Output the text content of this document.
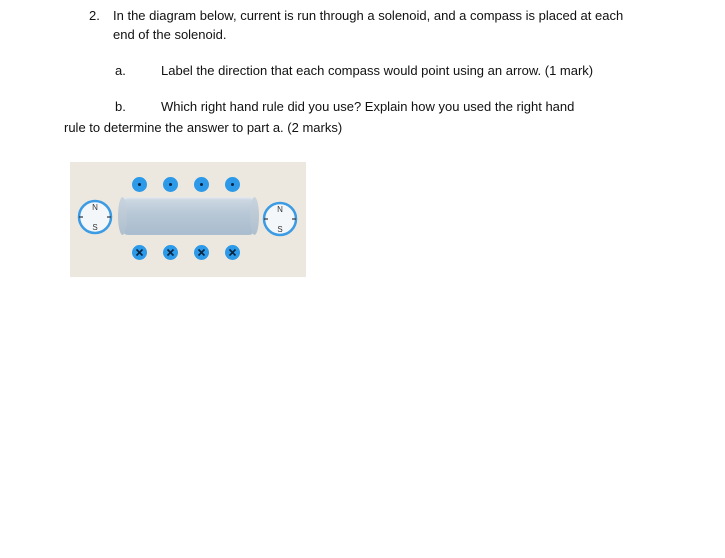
2. In the diagram below, current is run through a solenoid, and a compass is placed at each
end of the solenoid.
a.	Label the direction that each compass would point using an arrow. (1 mark)
b.	Which right hand rule did you use? Explain how you used the right hand
rule to determine the answer to part a. (2 marks)
N
S
N
S
